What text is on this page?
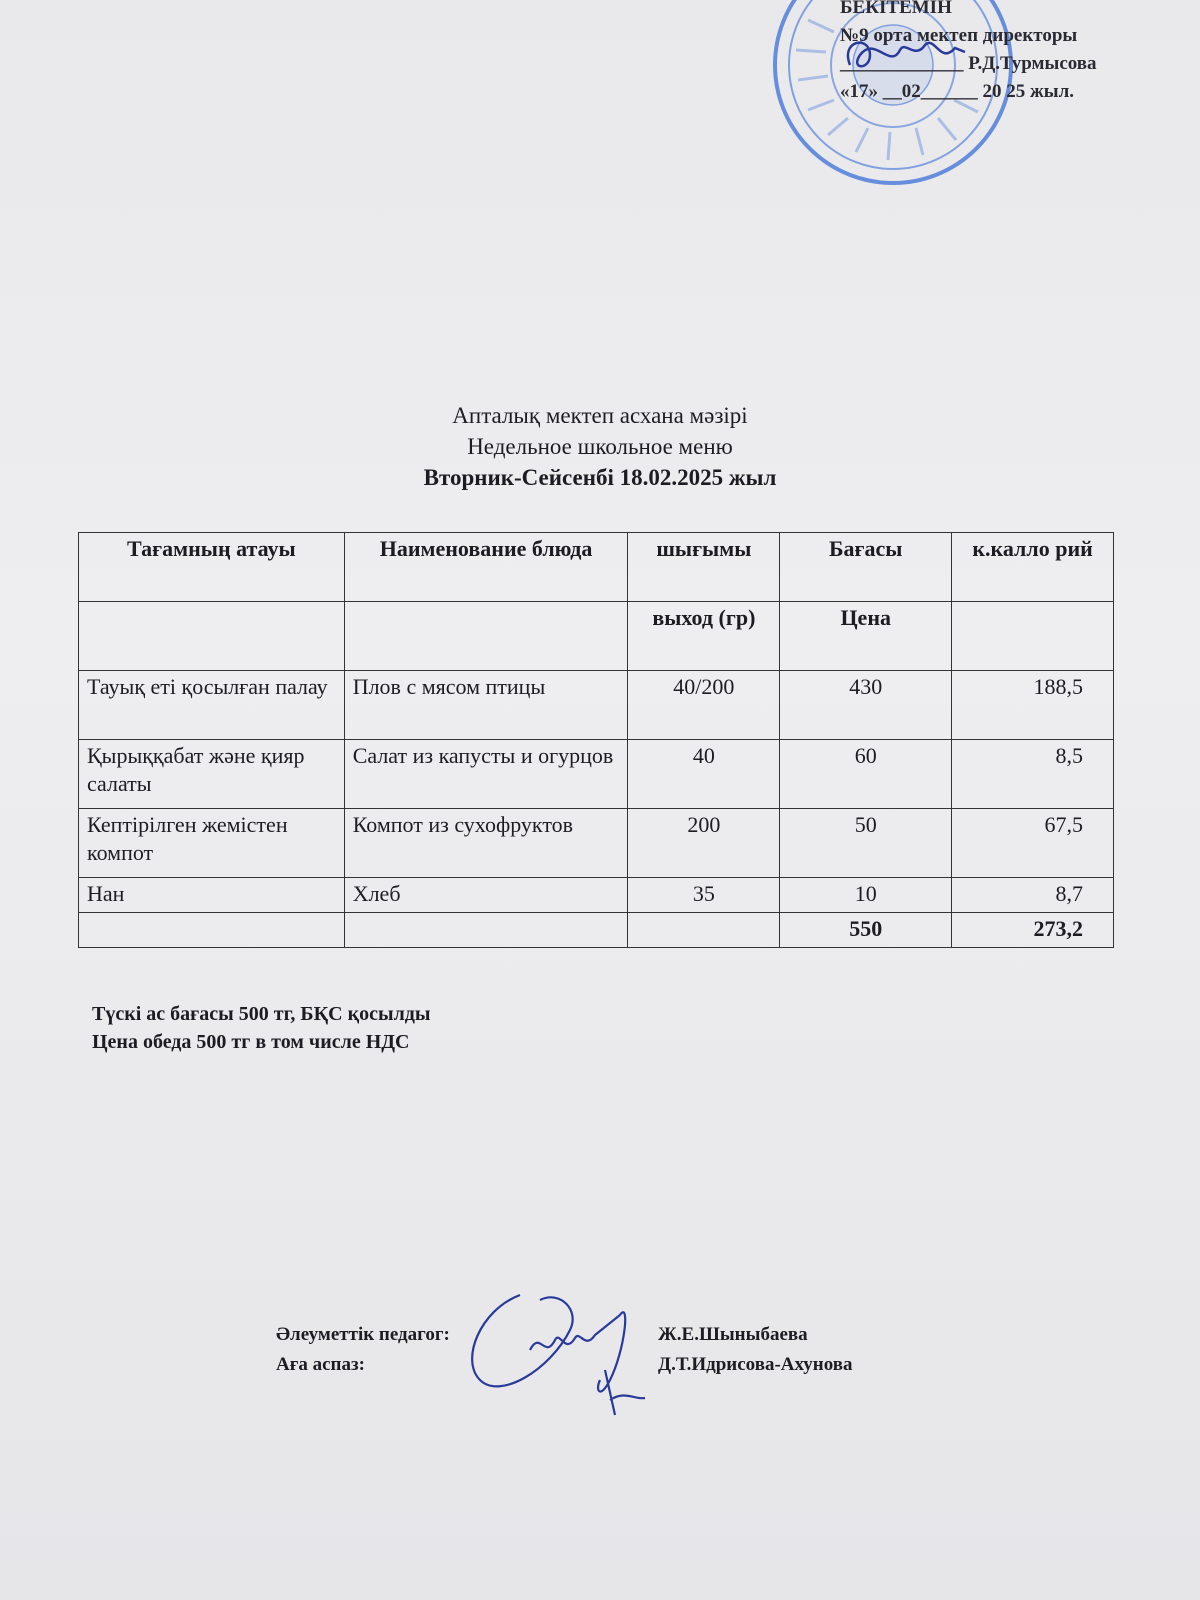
БЕКІТЕМІН
№9 орта мектеп директоры
_____________ Р.Д.Турмысова
«17» __02______ 20 25 жыл.
Апталық мектеп асхана мәзірі
Недельное школьное меню
Вторник-Сейсенбі 18.02.2025 жыл
Тағамның атауы	Наименование блюда	шығымы	Бағасы	к.калло рий
		выход (гр)	Цена	
Тауық еті қосылған палау	Плов с мясом птицы	40/200	430	188,5
Қырыққабат және қияр салаты	Салат из капусты и огурцов	40	60	8,5
Кептірілген жемістен компот	Компот из сухофруктов	200	50	67,5
Нан	Хлеб	35	10	8,7
			550	273,2
Түскі ас бағасы 500 тг, БҚС қосылды
Цена обеда 500 тг в том числе НДС
Әлеуметтік педагог:
Аға аспаз:
Ж.Е.Шыныбаева
Д.Т.Идрисова-Ахунова
